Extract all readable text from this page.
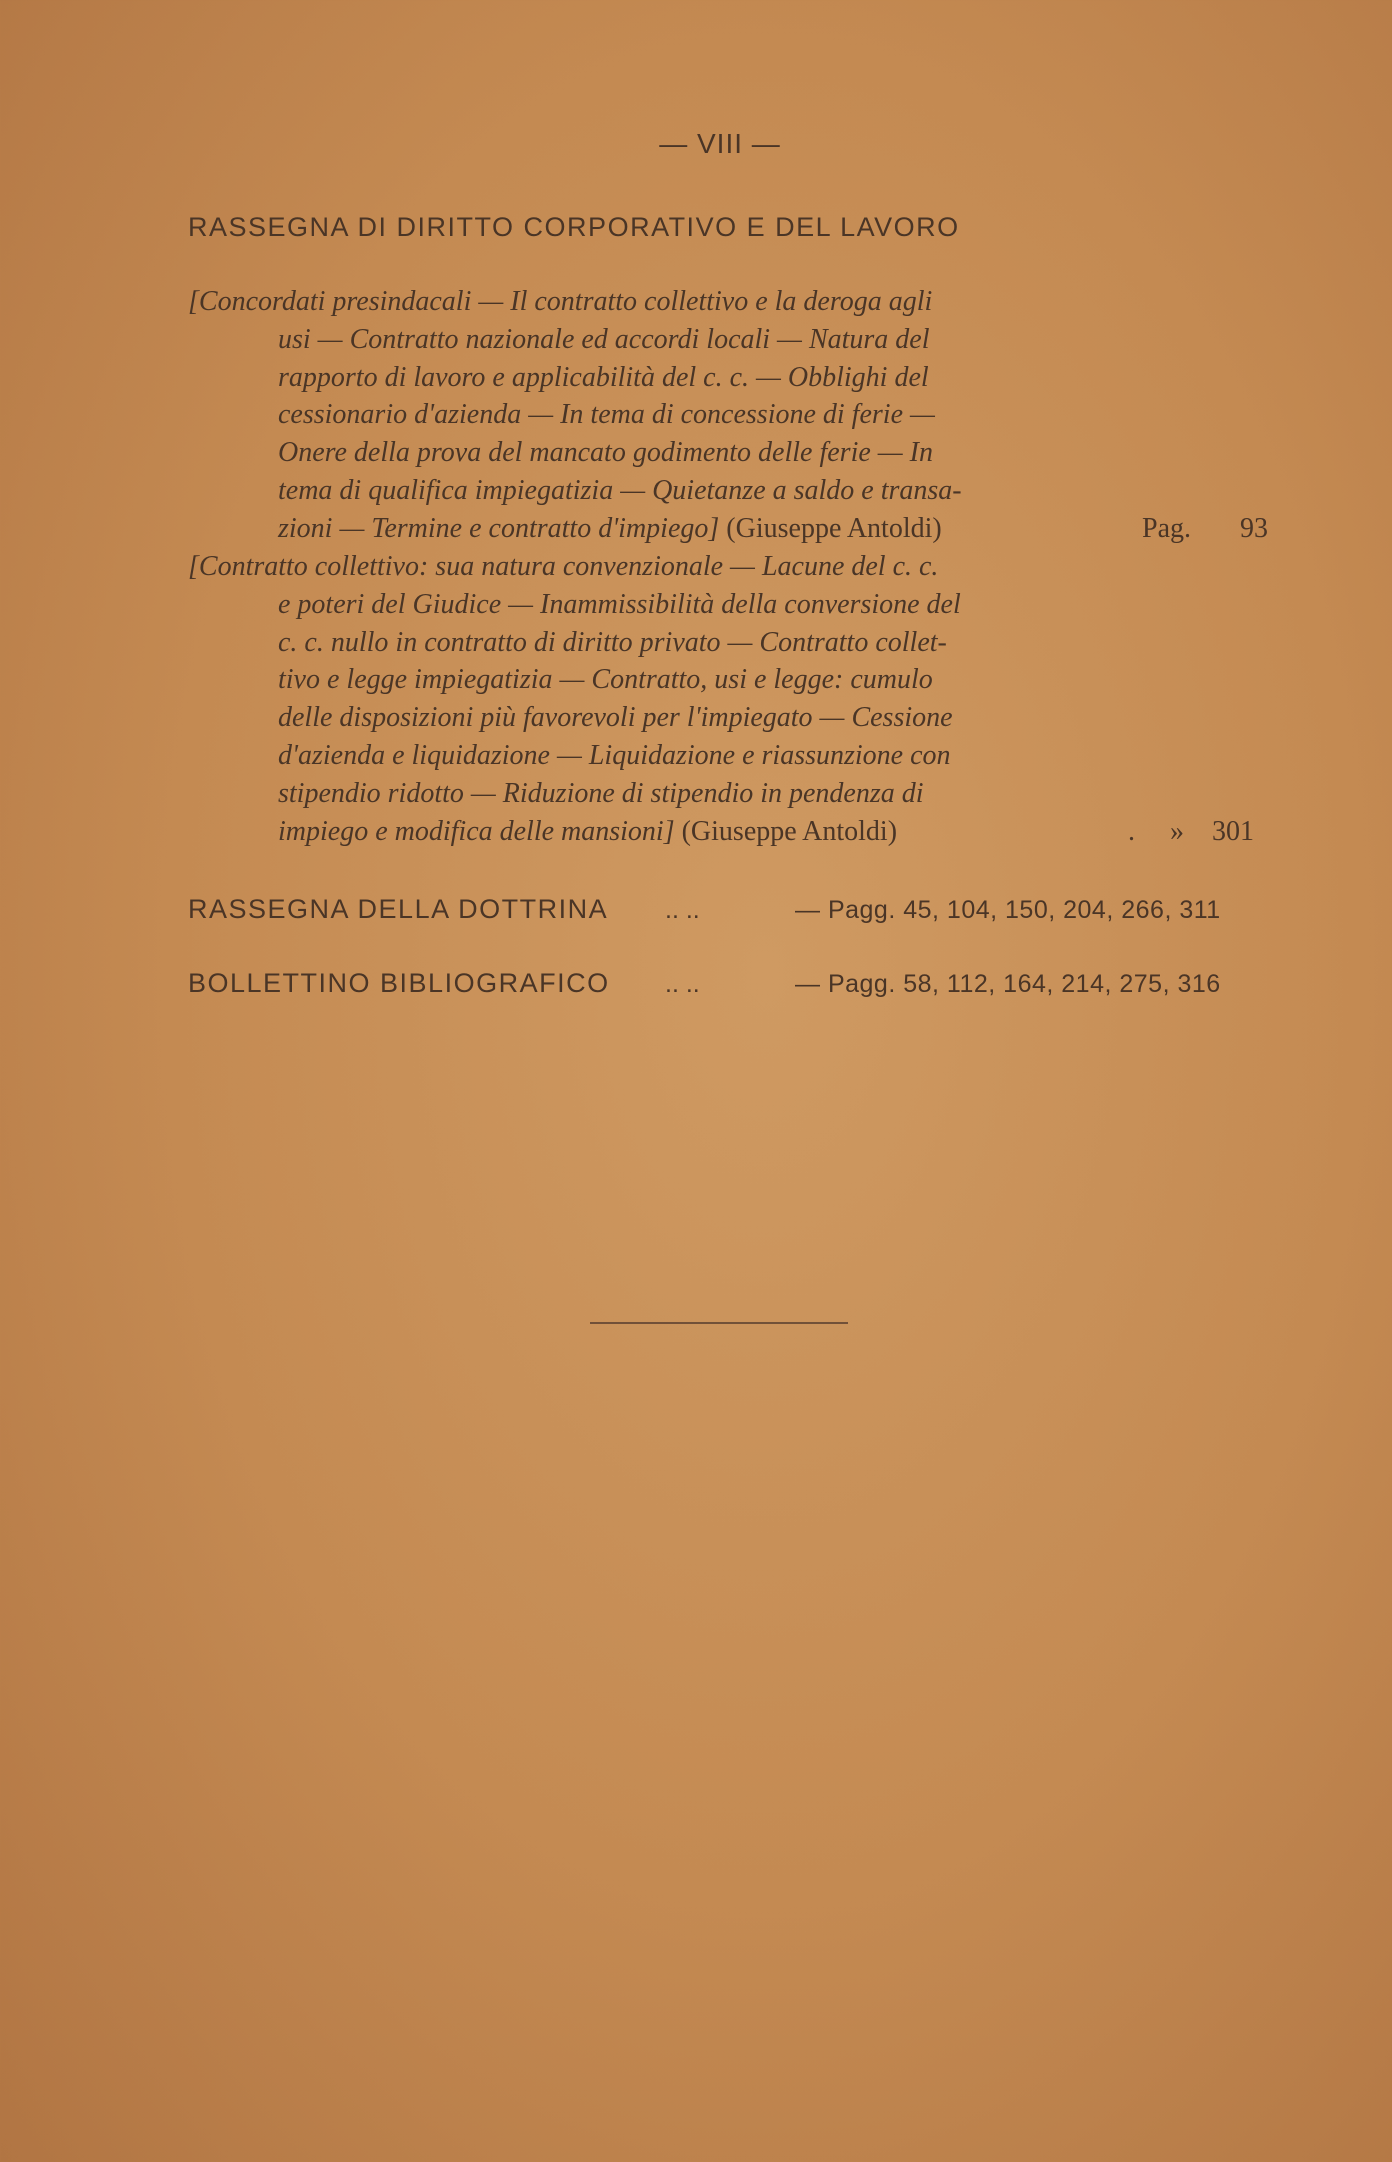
— VIII —
RASSEGNA DI DIRITTO CORPORATIVO E DEL LAVORO
[Concordati presindacali — Il contratto collettivo e la deroga agli
usi — Contratto nazionale ed accordi locali — Natura del
rapporto di lavoro e applicabilità del c. c. — Obblighi del
cessionario d'azienda — In tema di concessione di ferie —
Onere della prova del mancato godimento delle ferie — In
tema di qualifica impiegatizia — Quietanze a saldo e transa-
zioni — Termine e contratto d'impiego] (Giuseppe Antoldi)	Pag. 93
[Contratto collettivo: sua natura convenzionale — Lacune del c. c.
e poteri del Giudice — Inammissibilità della conversione del
c. c. nullo in contratto di diritto privato — Contratto collet-
tivo e legge impiegatizia — Contratto, usi e legge: cumulo
delle disposizioni più favorevoli per l'impiegato — Cessione
d'azienda e liquidazione — Liquidazione e riassunzione con
stipendio ridotto — Riduzione di stipendio in pendenza di
impiego e modifica delle mansioni] (Giuseppe Antoldi)	.     » 301
RASSEGNA DELLA DOTTRINA .. ..	— Pagg. 45, 104, 150, 204, 266, 311
BOLLETTINO BIBLIOGRAFICO .. ..	— Pagg. 58, 112, 164, 214, 275, 316
